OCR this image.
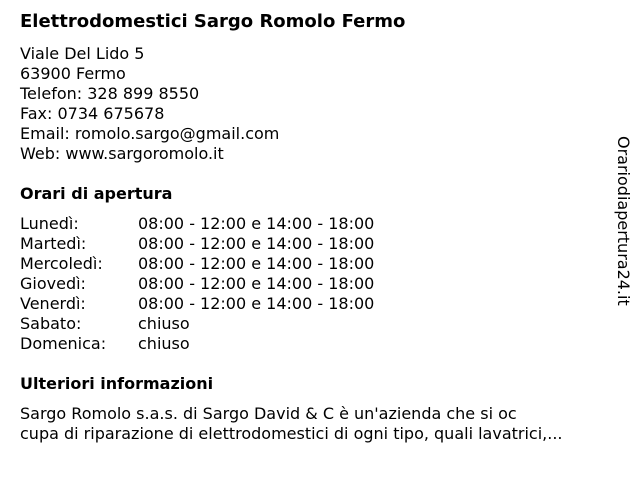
Elettrodomestici Sargo Romolo Fermo
Viale Del Lido 5
63900 Fermo
Telefon: 328 899 8550
Fax: 0734 675678
Email: romolo.sargo@gmail.com
Web: www.sargoromolo.it
Orari di apertura
Lunedì:	08:00 - 12:00 e 14:00 - 18:00
Martedì:	08:00 - 12:00 e 14:00 - 18:00
Mercoledì: 08:00 - 12:00 e 14:00 - 18:00
Giovedì:	08:00 - 12:00 e 14:00 - 18:00
Venerdì:	08:00 - 12:00 e 14:00 - 18:00
Sabato:	chiuso
Domenica: chiuso
Ulteriori informazioni
Sargo Romolo s.a.s. di Sargo David & C è un'azienda che si oc
cupa di riparazione di elettrodomestici di ogni tipo, quali lavatrici,...
Orariodiapertura24.it
